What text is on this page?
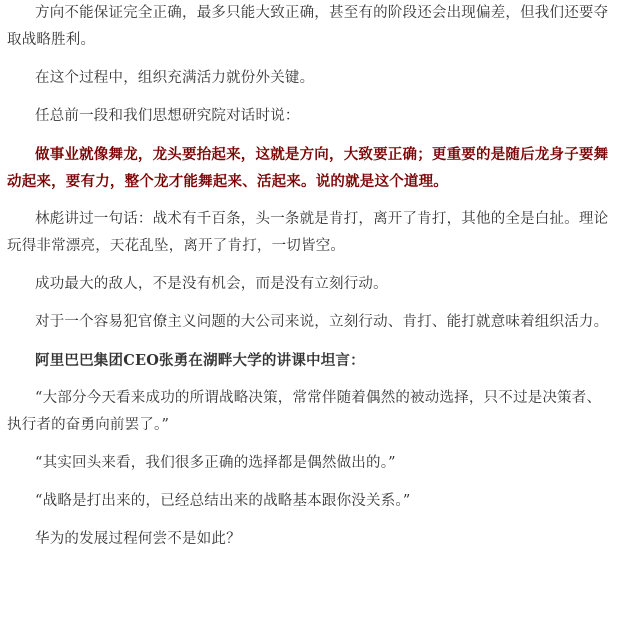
方向不能保证完全正确，最多只能大致正确，甚至有的阶段还会出现偏差，但我们还要夺取战略胜利。

在这个过程中，组织充满活力就份外关键。

任总前一段和我们思想研究院对话时说：

做事业就像舞龙，龙头要抬起来，这就是方向，大致要正确；更重要的是随后龙身子要舞动起来，要有力，整个龙才能舞起来、活起来。说的就是这个道理。

林彪讲过一句话：战术有千百条，头一条就是肯打，离开了肯打，其他的全是白扯。理论玩得非常漂亮，天花乱坠，离开了肯打，一切皆空。

成功最大的敌人，不是没有机会，而是没有立刻行动。

对于一个容易犯官僚主义问题的大公司来说，立刻行动、肯打、能打就意味着组织活力。

阿里巴巴集团CEO张勇在湖畔大学的讲课中坦言：

“大部分今天看来成功的所谓战略决策，常常伴随着偶然的被动选择，只不过是决策者、执行者的奋勇向前罢了。”

“其实回头来看，我们很多正确的选择都是偶然做出的。”

“战略是打出来的，已经总结出来的战略基本跟你没关系。”

华为的发展过程何尝不是如此？
